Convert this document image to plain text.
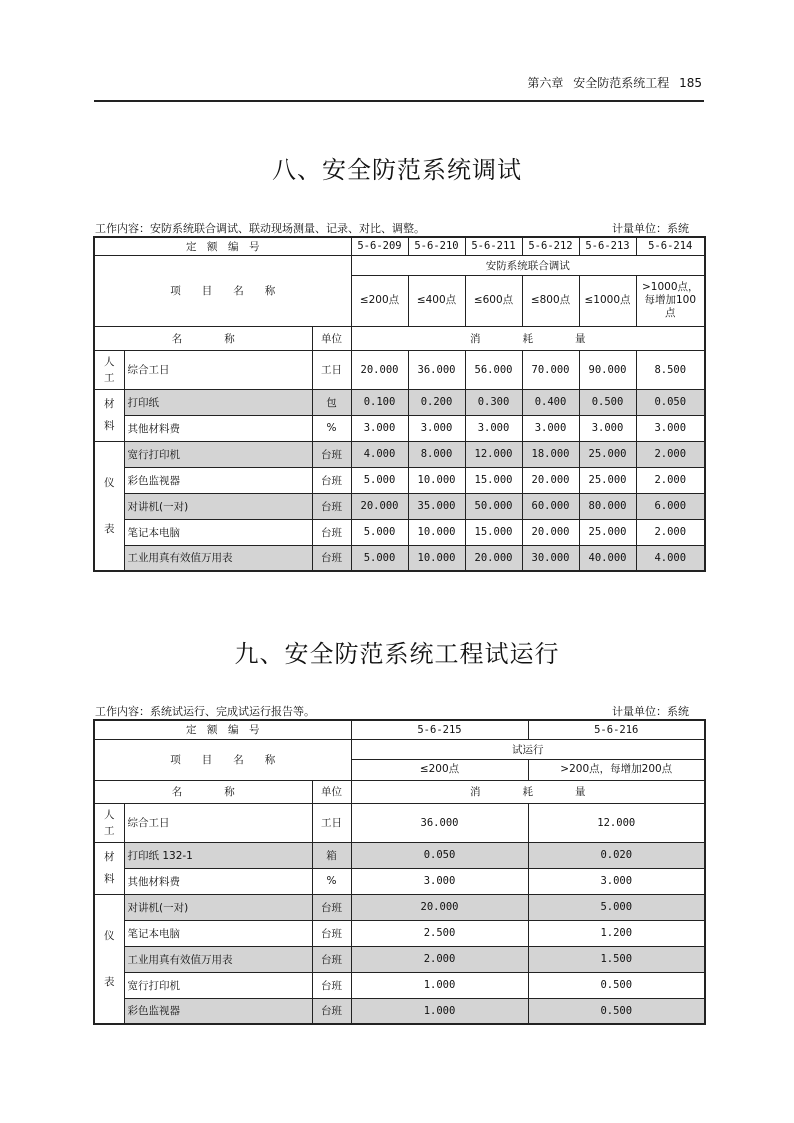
第六章 安全防范系统工程 185
八、安全防范系统调试
工作内容：安防系统联合调试、联动现场测量、记录、对比、调整。	计量单位：系统
定　额　编　号			5-6-209	5-6-210	5-6-211	5-6-212	5-6-213	5-6-214
项　　目　　名　　称			安防系统联合调试					
			≤200点	≤400点	≤600点	≤800点	≤1000点	>1000点，每增加100点
名　　　　称		单位	消　　　　耗　　　　量					

人
工	综合工日	工日	20.000	36.000	56.000	70.000	90.000	8.500

材
料	打印纸	包	0.100	0.200	0.300	0.400	0.500	0.050
	其他材料费	%	3.000	3.000	3.000	3.000	3.000	3.000

仪
表	宽行打印机	台班	4.000	8.000	12.000	18.000	25.000	2.000
	彩色监视器	台班	5.000	10.000	15.000	20.000	25.000	2.000
	对讲机(一对)	台班	20.000	35.000	50.000	60.000	80.000	6.000
	笔记本电脑	台班	5.000	10.000	15.000	20.000	25.000	2.000
	工业用真有效值万用表	台班	5.000	10.000	20.000	30.000	40.000	4.000
九、安全防范系统工程试运行
工作内容：系统试运行、完成试运行报告等。	计量单位：系统
定　额　编　号			5-6-215	5-6-216
项　　目　　名　　称			试运行	
			≤200点	>200点，每增加200点
名　　　　称		单位	消　　　　耗　　　　量	

人
工	综合工日	工日	36.000	12.000

材
料	打印纸 132-1	箱	0.050	0.020
	其他材料费	%	3.000	3.000

仪
表	对讲机(一对)	台班	20.000	5.000
	笔记本电脑	台班	2.500	1.200
	工业用真有效值万用表	台班	2.000	1.500
	宽行打印机	台班	1.000	0.500
	彩色监视器	台班	1.000	0.500
